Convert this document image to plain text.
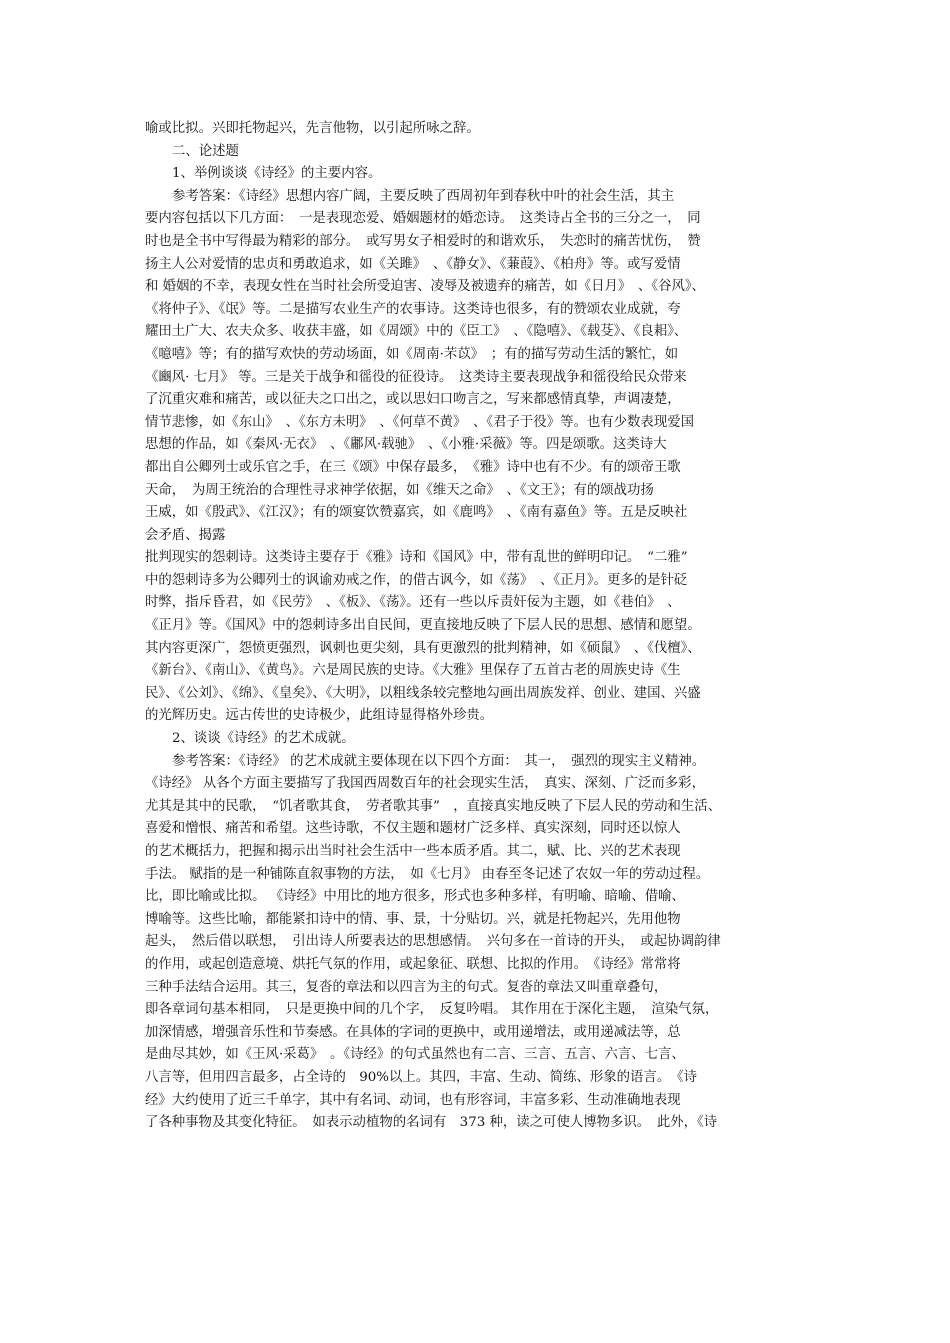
喻或比拟。兴即托物起兴，先言他物，以引起所咏之辞。
二、论述题
1、举例谈谈《诗经》的主要内容。
参考答案：《诗经》思想内容广阔，主要反映了西周初年到春秋中叶的社会生活，其主
要内容包括以下几方面：　一是表现恋爱、婚姻题材的婚恋诗。　这类诗占全书的三分之一，　同
时也是全书中写得最为精彩的部分。　或写男女子相爱时的和谐欢乐，　失恋时的痛苦忧伤，　赞
扬主人公对爱情的忠贞和勇敢追求，如《关雎》　、《静女》、《蒹葭》、《柏舟》等。或写爱情
和 婚姻的不幸，表现女性在当时社会所受迫害、凌辱及被遗弃的痛苦，如《日月》　、《谷风》、
《将仲子》、《氓》等。二是描写农业生产的农事诗。这类诗也很多，有的赞颂农业成就，夸
耀田土广大、农夫众多、收获丰盛，如《周颂》中的《臣工》　、《隐嘻》、《载芟》、《良耜》、
《噫嘻》等；有的描写欢快的劳动场面，如《周南·芣苡》　；有的描写劳动生活的繁忙，如
《豳风· 七月》 等。三是关于战争和徭役的征役诗。　这类诗主要表现战争和徭役给民众带来
了沉重灾难和痛苦，或以征夫之口出之，或以思妇口吻言之，写来都感情真挚，声调凄楚，
情节悲惨，如《东山》　、《东方未明》　、《何草不黄》　、《君子于役》等。也有少数表现爱国
思想的作品，如《秦风·无衣》　、《鄘风·载驰》　、《小雅·采薇》等。四是颂歌。这类诗大
都出自公卿列士或乐官之手，在三《颂》中保存最多，　《雅》诗中也有不少。有的颂帝王歌
天命，　为周王统治的合理性寻求神学依据，如《维天之命》　、《文王》；有的颂战功扬
王威，如《殷武》、《江汉》；有的颂宴饮赞嘉宾，如《鹿鸣》　、《南有嘉鱼》等。五是反映社
会矛盾、揭露
批判现实的怨刺诗。这类诗主要存于《雅》诗和《国风》中，带有乱世的鲜明印记。　“二雅”
中的怨刺诗多为公卿列士的讽谕劝戒之作，的借古讽今，如《荡》　、《正月》。更多的是针砭
时弊，指斥昏君，如《民劳》　、《板》、《荡》。还有一些以斥责奸佞为主题，如《巷伯》　、
《正月》等。《国风》中的怨刺诗多出自民间，更直接地反映了下层人民的思想、感情和愿望。
其内容更深广，怨愤更强烈，讽刺也更尖刻，具有更激烈的批判精神，如《硕鼠》　、《伐檀》、
《新台》、《南山》、《黄鸟》。六是周民族的史诗。《大雅》里保存了五首古老的周族史诗《生
民》、《公刘》、《绵》、《皇矣》、《大明》，以粗线条较完整地勾画出周族发祥、创业、建国、兴盛
的光辉历史。远古传世的史诗极少，此组诗显得格外珍贵。
2、谈谈《诗经》的艺术成就。
参考答案：《诗经》 的艺术成就主要体现在以下四个方面：　其一，　强烈的现实主义精神。
《诗经》 从各个方面主要描写了我国西周数百年的社会现实生活，　真实、深刻、广泛而多彩，
尤其是其中的民歌，　“饥者歌其食，　劳者歌其事”　，直接真实地反映了下层人民的劳动和生活、
喜爱和憎恨、痛苦和希望。这些诗歌，不仅主题和题材广泛多样、真实深刻，同时还以惊人
的艺术概括力，把握和揭示出当时社会生活中一些本质矛盾。其二，赋、比、兴的艺术表现
手法。 赋指的是一种铺陈直叙事物的方法，　如《七月》 由春至冬记述了农奴一年的劳动过程。
比，即比喻或比拟。 《诗经》中用比的地方很多，形式也多种多样，有明喻、暗喻、借喻、
博喻等。这些比喻，都能紧扣诗中的情、事、景，十分贴切。兴，就是托物起兴，先用他物
起头，　然后借以联想，　引出诗人所要表达的思想感情。　兴句多在一首诗的开头，　或起协调韵律
的作用，或起创造意境、烘托气氛的作用，或起象征、联想、比拟的作用。　《诗经》常常将
三种手法结合运用。其三，复沓的章法和以四言为主的句式。复沓的章法又叫重章叠句，
即各章词句基本相同，　只是更换中间的几个字，　反复吟唱。 其作用在于深化主题，　渲染气氛，
加深情感，增强音乐性和节奏感。在具体的字词的更换中，或用递增法，或用递减法等，总
是曲尽其妙，如《王风·采葛》　。《诗经》的句式虽然也有二言、三言、五言、六言、七言、
八言等，但用四言最多，占全诗的　90%以上。其四，丰富、生动、简练、形象的语言。　《诗
经》大约使用了近三千单字，其中有名词、动词，也有形容词，丰富多彩、生动准确地表现
了各种事物及其变化特征。　如表示动植物的名词有　373 种，读之可使人博物多识。　此外，《诗
